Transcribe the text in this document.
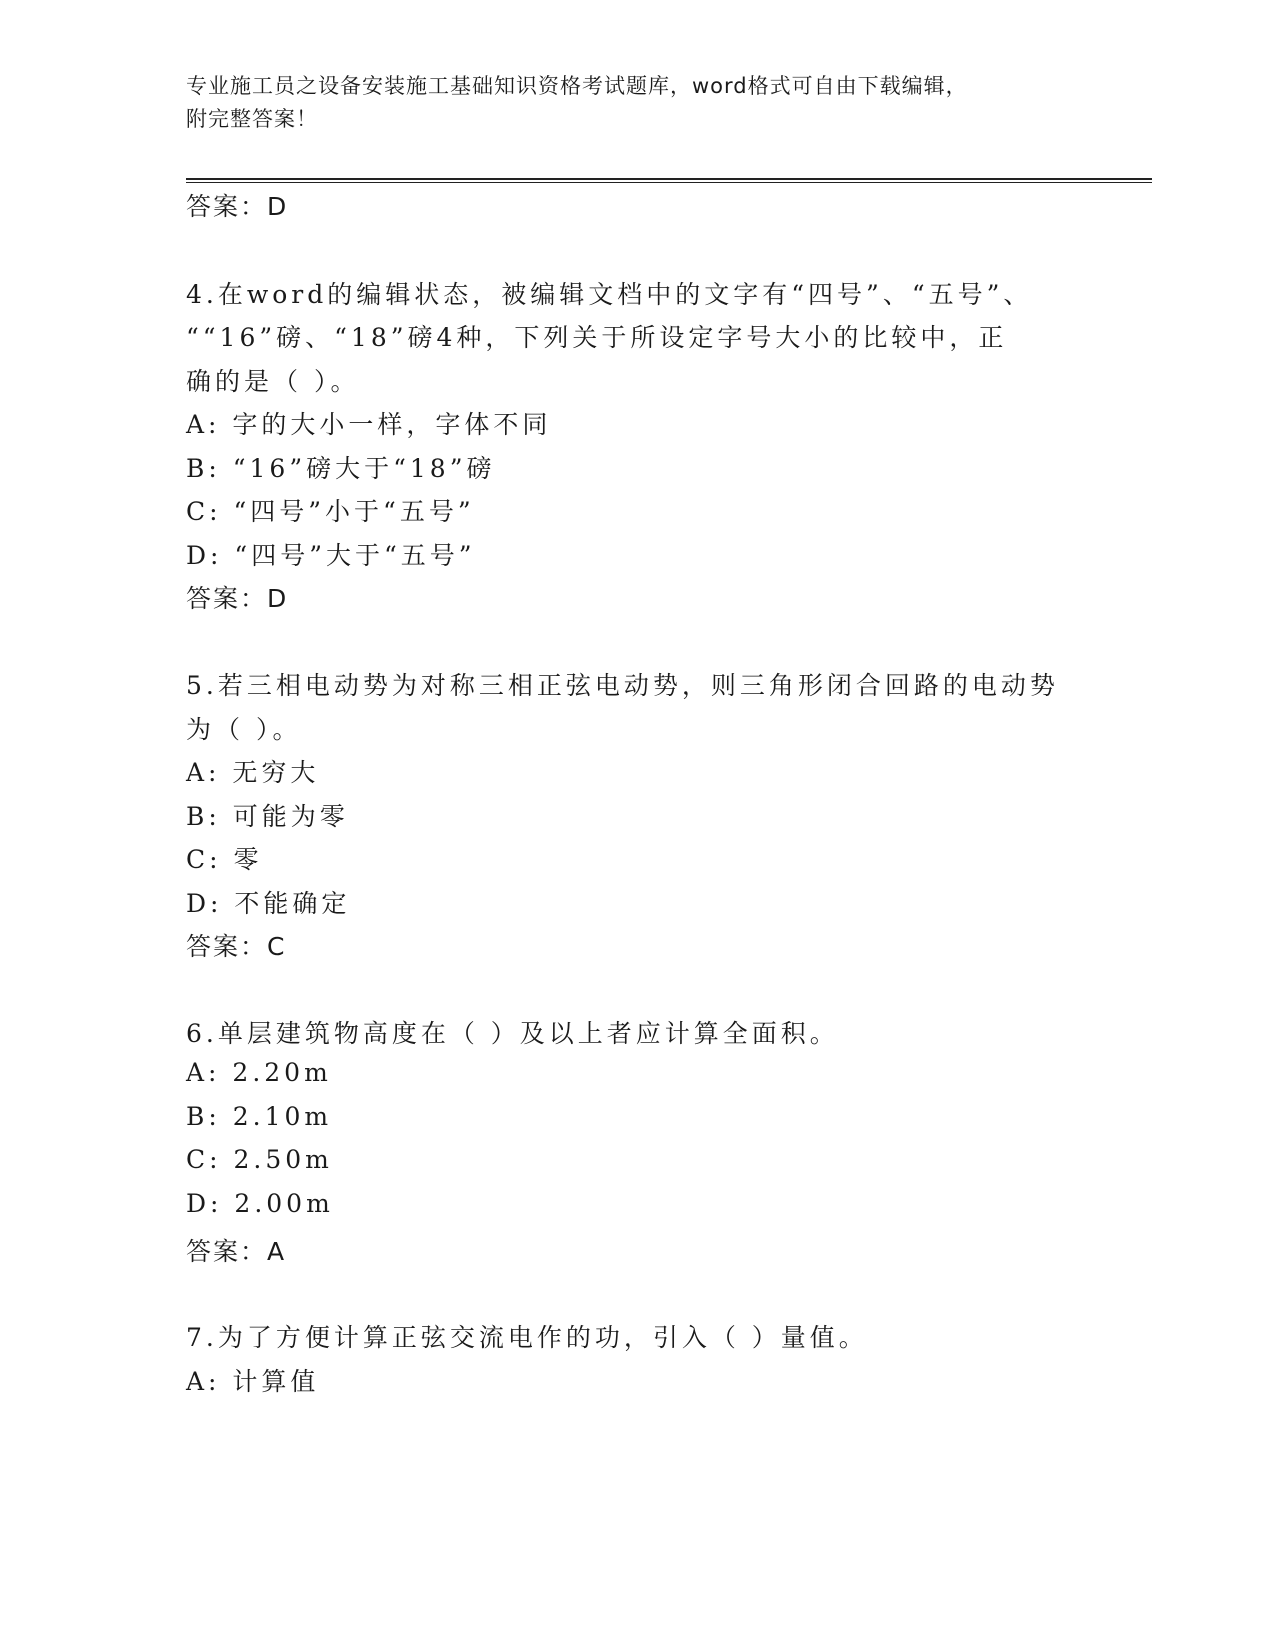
专业施工员之设备安装施工基础知识资格考试题库，word格式可自由下载编辑，
附完整答案！
答案：D
4.在word的编辑状态，被编辑文档中的文字有“四号”、“五号”、
““16”磅、“18”磅4种，下列关于所设定字号大小的比较中，正
确的是（ ）。
A: 字的大小一样，字体不同
B: “16”磅大于“18”磅
C: “四号”小于“五号”
D: “四号”大于“五号”
答案：D
5.若三相电动势为对称三相正弦电动势，则三角形闭合回路的电动势
为（ ）。
A: 无穷大
B: 可能为零
C: 零
D: 不能确定
答案：C
6.单层建筑物高度在（ ）及以上者应计算全面积。
A: 2.20m
B: 2.10m
C: 2.50m
D: 2.00m
答案：A
7.为了方便计算正弦交流电作的功，引入（ ）量值。
A: 计算值
